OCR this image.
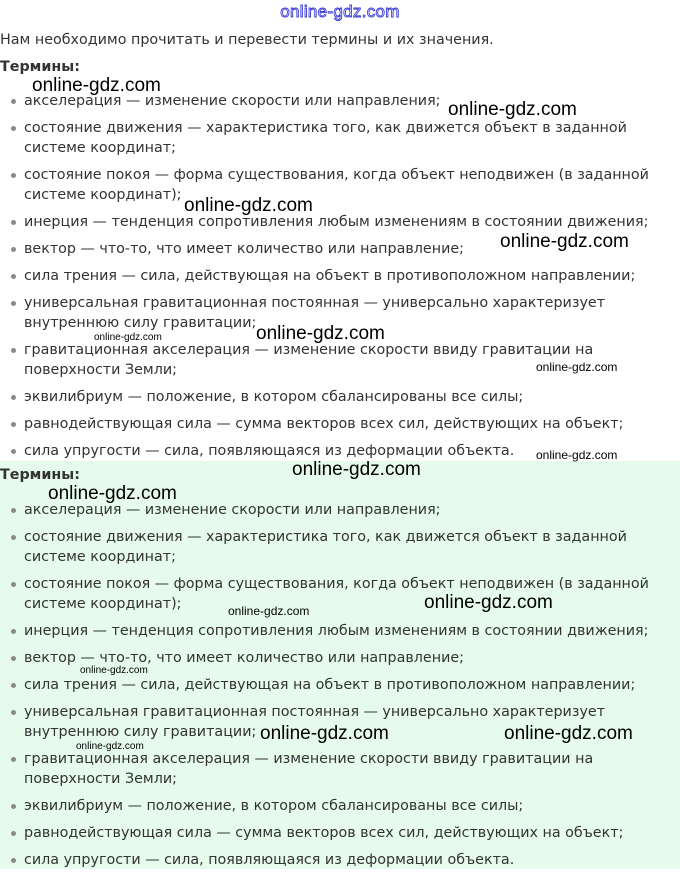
online-gdz.com
Нам необходимо прочитать и перевести термины и их значения.
Термины:
акселерация — изменение скорости или направления;
состояние движения — характеристика того, как движется объект в заданной системе координат;
состояние покоя — форма существования, когда объект неподвижен (в заданной системе координат);
инерция — тенденция сопротивления любым изменениям в состоянии движения;
вектор — что-то, что имеет количество или направление;
сила трения — сила, действующая на объект в противоположном направлении;
универсальная гравитационная постоянная — универсально характеризует внутреннюю силу гравитации;
гравитационная акселерация — изменение скорости ввиду гравитации на поверхности Земли;
эквилибриум — положение, в котором сбалансированы все силы;
равнодействующая сила — сумма векторов всех сил, действующих на объект;
сила упругости — сила, появляющаяся из деформации объекта.
Термины:
акселерация — изменение скорости или направления;
состояние движения — характеристика того, как движется объект в заданной системе координат;
состояние покоя — форма существования, когда объект неподвижен (в заданной системе координат);
инерция — тенденция сопротивления любым изменениям в состоянии движения;
вектор — что-то, что имеет количество или направление;
сила трения — сила, действующая на объект в противоположном направлении;
универсальная гравитационная постоянная — универсально характеризует внутреннюю силу гравитации;
гравитационная акселерация — изменение скорости ввиду гравитации на поверхности Земли;
эквилибриум — положение, в котором сбалансированы все силы;
равнодействующая сила — сумма векторов всех сил, действующих на объект;
сила упругости — сила, появляющаяся из деформации объекта.
online-gdz.com
online-gdz.com
online-gdz.com
online-gdz.com
online-gdz.com
online-gdz.com
online-gdz.com
online-gdz.com
online-gdz.com
online-gdz.com
online-gdz.com
online-gdz.com
online-gdz.com
online-gdz.com	online-gdz.com
online-gdz.com
